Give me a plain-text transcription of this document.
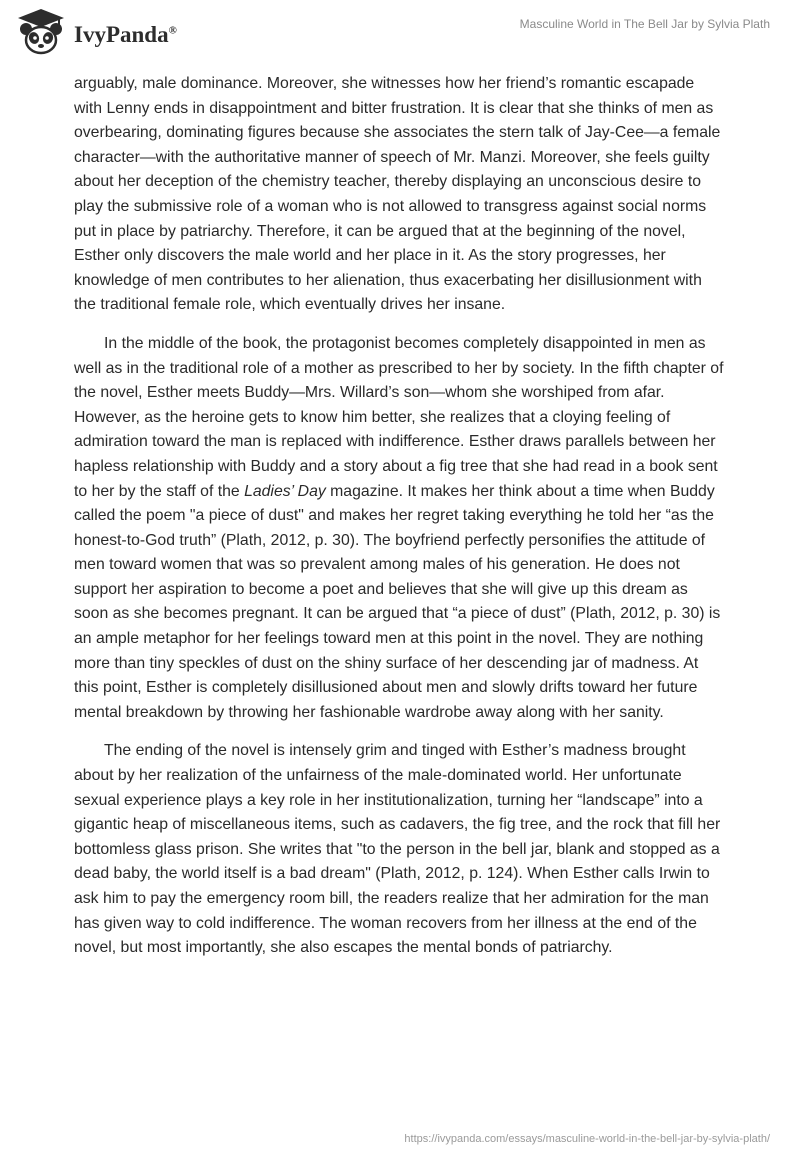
IvyPanda®	Masculine World in The Bell Jar by Sylvia Plath

arguably, male dominance. Moreover, she witnesses how her friend’s romantic escapade with Lenny ends in disappointment and bitter frustration. It is clear that she thinks of men as overbearing, dominating figures because she associates the stern talk of Jay-Cee—a female character—with the authoritative manner of speech of Mr. Manzi. Moreover, she feels guilty about her deception of the chemistry teacher, thereby displaying an unconscious desire to play the submissive role of a woman who is not allowed to transgress against social norms put in place by patriarchy. Therefore, it can be argued that at the beginning of the novel, Esther only discovers the male world and her place in it. As the story progresses, her knowledge of men contributes to her alienation, thus exacerbating her disillusionment with the traditional female role, which eventually drives her insane.

In the middle of the book, the protagonist becomes completely disappointed in men as well as in the traditional role of a mother as prescribed to her by society. In the fifth chapter of the novel, Esther meets Buddy—Mrs. Willard’s son—whom she worshiped from afar. However, as the heroine gets to know him better, she realizes that a cloying feeling of admiration toward the man is replaced with indifference. Esther draws parallels between her hapless relationship with Buddy and a story about a fig tree that she had read in a book sent to her by the staff of the Ladies’ Day magazine. It makes her think about a time when Buddy called the poem "a piece of dust" and makes her regret taking everything he told her “as the honest-to-God truth” (Plath, 2012, p. 30). The boyfriend perfectly personifies the attitude of men toward women that was so prevalent among males of his generation. He does not support her aspiration to become a poet and believes that she will give up this dream as soon as she becomes pregnant. It can be argued that “a piece of dust” (Plath, 2012, p. 30) is an ample metaphor for her feelings toward men at this point in the novel. They are nothing more than tiny speckles of dust on the shiny surface of her descending jar of madness. At this point, Esther is completely disillusioned about men and slowly drifts toward her future mental breakdown by throwing her fashionable wardrobe away along with her sanity.

The ending of the novel is intensely grim and tinged with Esther’s madness brought about by her realization of the unfairness of the male-dominated world. Her unfortunate sexual experience plays a key role in her institutionalization, turning her “landscape” into a gigantic heap of miscellaneous items, such as cadavers, the fig tree, and the rock that fill her bottomless glass prison. She writes that "to the person in the bell jar, blank and stopped as a dead baby, the world itself is a bad dream" (Plath, 2012, p. 124). When Esther calls Irwin to ask him to pay the emergency room bill, the readers realize that her admiration for the man has given way to cold indifference. The woman recovers from her illness at the end of the novel, but most importantly, she also escapes the mental bonds of patriarchy.

https://ivypanda.com/essays/masculine-world-in-the-bell-jar-by-sylvia-plath/
